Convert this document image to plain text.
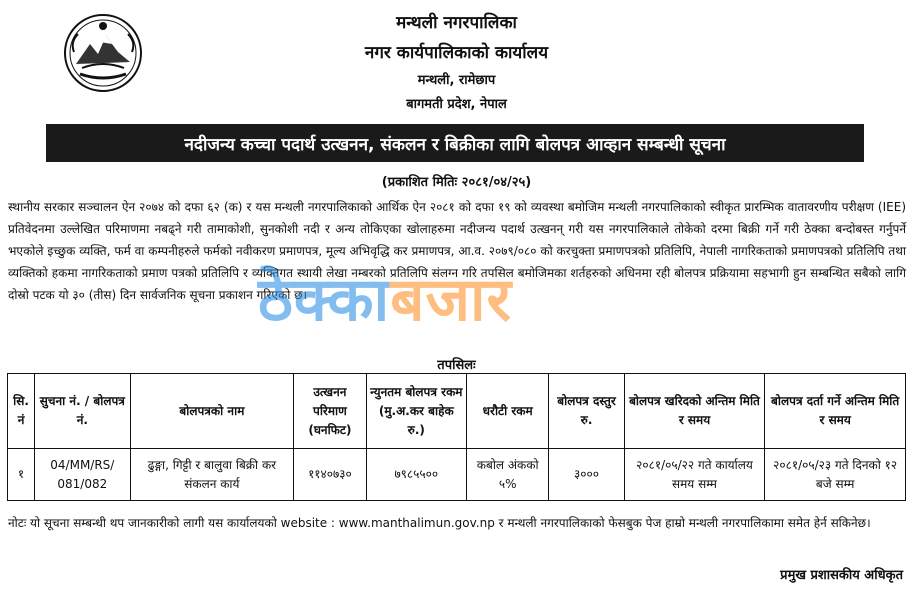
मन्थली नगरपालिका
नगर कार्यपालिकाको कार्यालय
मन्थली, रामेछाप
बागमती प्रदेश, नेपाल
नदीजन्य कच्चा पदार्थ उत्खनन, संकलन र बिक्रीका लागि बोलपत्र आव्हान सम्बन्धी सूचना
(प्रकाशित मितिः २०८१/०४/२५)

स्थानीय सरकार सञ्चालन ऐन २०७४ को दफा ६२ (क) र यस मन्थली नगरपालिकाको आर्थिक ऐन २०८१ को दफा १९ को व्यवस्था बमोजिम मन्थली नगरपालिकाको स्वीकृत प्रारम्भिक वातावरणीय परीक्षण (IEE) प्रतिवेदनमा उल्लेखित परिमाणमा नबढ्ने गरी तामाकोशी, सुनकोशी नदी र अन्य तोकिएका खोलाहरुमा नदीजन्य पदार्थ उत्खनन् गरी यस नगरपालिकाले तोकेको दरमा बिक्री गर्ने गरी ठेक्का बन्दोबस्त गर्नुपर्ने भएकोले इच्छुक व्यक्ति, फर्म वा कम्पनीहरुले फर्मको नवीकरण प्रमाणपत्र, मूल्य अभिवृद्धि कर प्रमाणपत्र, आ.व. २०७९/०८० को करचुक्ता प्रमाणपत्रको प्रतिलिपि, नेपाली नागरिकताको प्रमाणपत्रको प्रतिलिपि तथा व्यक्तिको हकमा नागरिकताको प्रमाण पत्रको प्रतिलिपि र व्यक्तिगत स्थायी लेखा नम्बरको प्रतिलिपि संलग्न गरि तपसिल बमोजिमका शर्तहरुको अधिनमा रही बोलपत्र प्रक्रियामा सहभागी हुन सम्बन्धित सबैको लागि दोस्रो पटक यो ३० (तीस) दिन सार्वजनिक सूचना प्रकाशन गरिएको छ।

ठेक्काबजार
तपसिलः
सि. नं	सुचना नं. / बोलपत्र नं.	बोलपत्रको नाम	उत्खनन परिमाण (घनफिट)	न्युनतम बोलपत्र रकम (मु.अ.कर बाहेक रु.)	धरौटी रकम	बोलपत्र दस्तुर रु.	बोलपत्र खरिदको अन्तिम मिति र समय	बोलपत्र दर्ता गर्ने अन्तिम मिति र समय
१	04/MM/RS/ 081/082	ढुङ्गा, गिट्टी र बालुवा बिक्री कर संकलन कार्य	११४०७३०	७९८५५००	कबोल अंकको ५%	३०००	२०८१/०५/२२ गते कार्यालय समय सम्म	२०८१/०५/२३ गते दिनको १२ बजे सम्म

नोटः यो सूचना सम्बन्धी थप जानकारीको लागी यस कार्यालयको website : www.manthalimun.gov.np र मन्थली नगरपालिकाको फेसबुक पेज हाम्रो मन्थली नगरपालिकामा समेत हेर्न सकिनेछ।

प्रमुख प्रशासकीय अधिकृत
